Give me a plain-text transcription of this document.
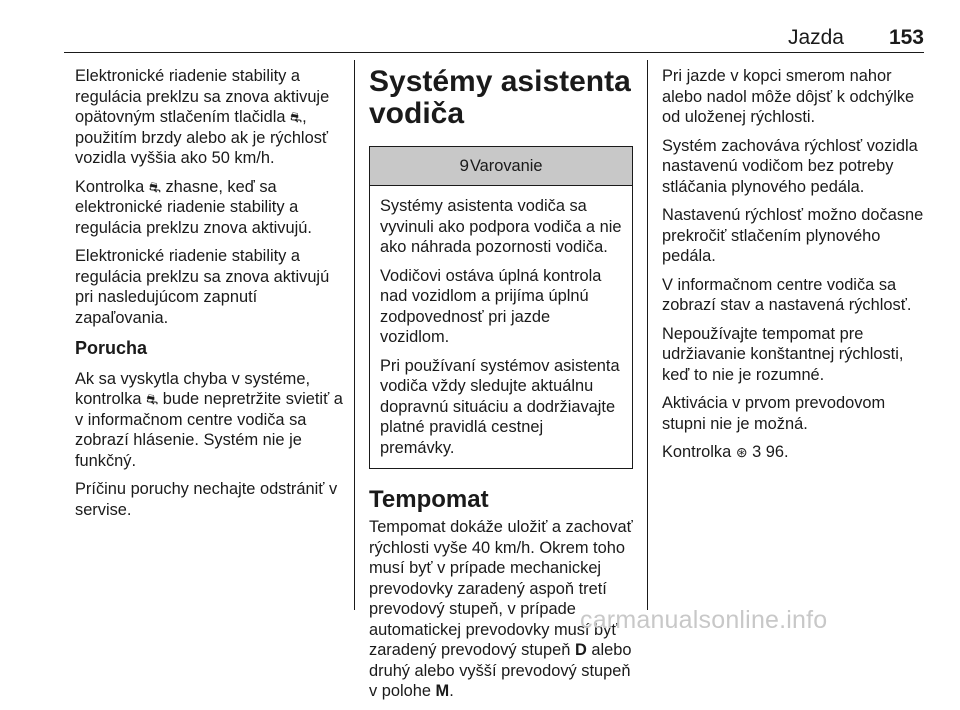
Jazda 153

Elektronické riadenie stability a regulácia preklzu sa znova aktivuje opätovným stlačením tlačidla ⛐, použitím brzdy alebo ak je rýchlosť vozidla vyššia ako 50 km/h.

Kontrolka ⛐ zhasne, keď sa elektronické riadenie stability a regulácia preklzu znova aktivujú.

Elektronické riadenie stability a regulácia preklzu sa znova aktivujú pri nasledujúcom zapnutí zapaľovania.

Porucha

Ak sa vyskytla chyba v systéme, kontrolka ⛐ bude nepretržite svietiť a v informačnom centre vodiča sa zobrazí hlásenie. Systém nie je funkčný.

Príčinu poruchy nechajte odstrániť v servise.

Systémy asistenta vodiča
9 Varovanie

Systémy asistenta vodiča sa vyvinuli ako podpora vodiča a nie ako náhrada pozornosti vodiča.

Vodičovi ostáva úplná kontrola nad vozidlom a prijíma úplnú zodpovednosť pri jazde vozidlom.

Pri používaní systémov asistenta vodiča vždy sledujte aktuálnu dopravnú situáciu a dodržiavajte platné pravidlá cestnej premávky.

Tempomat

Tempomat dokáže uložiť a zachovať rýchlosti vyše 40 km/h. Okrem toho musí byť v prípade mechanickej prevodovky zaradený aspoň tretí prevodový stupeň, v prípade automatickej prevodovky musí byť zaradený prevodový stupeň D alebo druhý alebo vyšší prevodový stupeň v polohe M.

Pri jazde v kopci smerom nahor alebo nadol môže dôjsť k odchýlke od uloženej rýchlosti.

Systém zachováva rýchlosť vozidla nastavenú vodičom bez potreby stláčania plynového pedála.

Nastavenú rýchlosť možno dočasne prekročiť stlačením plynového pedála.

V informačnom centre vodiča sa zobrazí stav a nastavená rýchlosť.

Nepoužívajte tempomat pre udržiavanie konštantnej rýchlosti, keď to nie je rozumné.

Aktivácia v prvom prevodovom stupni nie je možná.

Kontrolka ⊛ 3 96.

carmanualsonline.info
